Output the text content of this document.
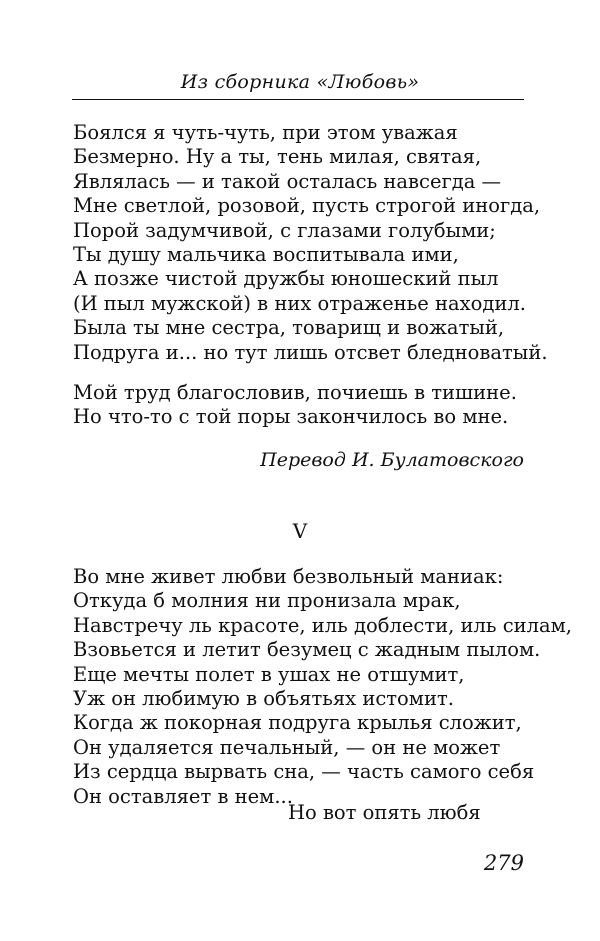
Из сборника «Любовь»
Боялся я чуть-чуть, при этом уважая
Безмерно. Ну а ты, тень милая, святая,
Являлась — и такой осталась навсегда —
Мне светлой, розовой, пусть строгой иногда,
Порой задумчивой, с глазами голубыми;
Ты душу мальчика воспитывала ими,
А позже чистой дружбы юношеский пыл
(И пыл мужской) в них отраженье находил.
Была ты мне сестра, товарищ и вожатый,
Подруга и... но тут лишь отсвет бледноватый.
Мой труд благословив, почиешь в тишине.
Но что-то с той поры закончилось во мне.
Перевод И. Булатовского
V
Во мне живет любви безвольный маниак:
Откуда б молния ни пронизала мрак,
Навстречу ль красоте, иль доблести, иль силам,
Взовьется и летит безумец с жадным пылом.
Еще мечты полет в ушах не отшумит,
Уж он любимую в объятьях истомит.
Когда ж покорная подруга крылья сложит,
Он удаляется печальный, — он не может
Из сердца вырвать сна, — часть самого себя
Он оставляет в нем...
Но вот опять любя
279
